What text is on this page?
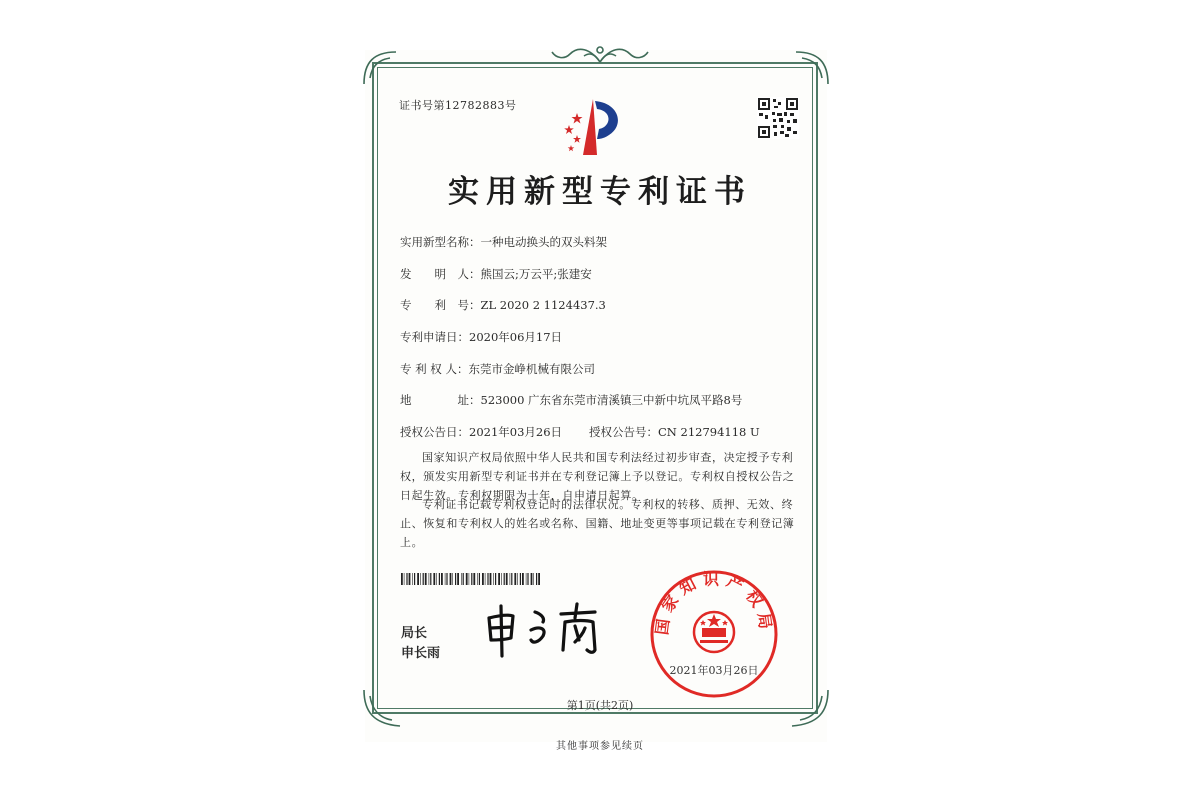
证书号第12782883号
实用新型专利证书
实用新型名称：一种电动换头的双头料架
发　　明　人：熊国云;万云平;张建安
专　　利　号：ZL 2020 2 1124437.3
专利申请日：2020年06月17日
专 利 权 人：东莞市金峥机械有限公司
地　　　　址：523000 广东省东莞市清溪镇三中新中坑凤平路8号
授权公告日：2021年03月26日 授权公告号：CN 212794118 U
国家知识产权局依照中华人民共和国专利法经过初步审查，决定授予专利权，颁发实用新型专利证书并在专利登记簿上予以登记。专利权自授权公告之日起生效。专利权期限为十年，自申请日起算。
专利证书记载专利权登记时的法律状况。专利权的转移、质押、无效、终止、恢复和专利权人的姓名或名称、国籍、地址变更等事项记载在专利登记簿上。
局长
申长雨
国家知识产权局
2021年03月26日
第1页(共2页)
其他事项参见续页
